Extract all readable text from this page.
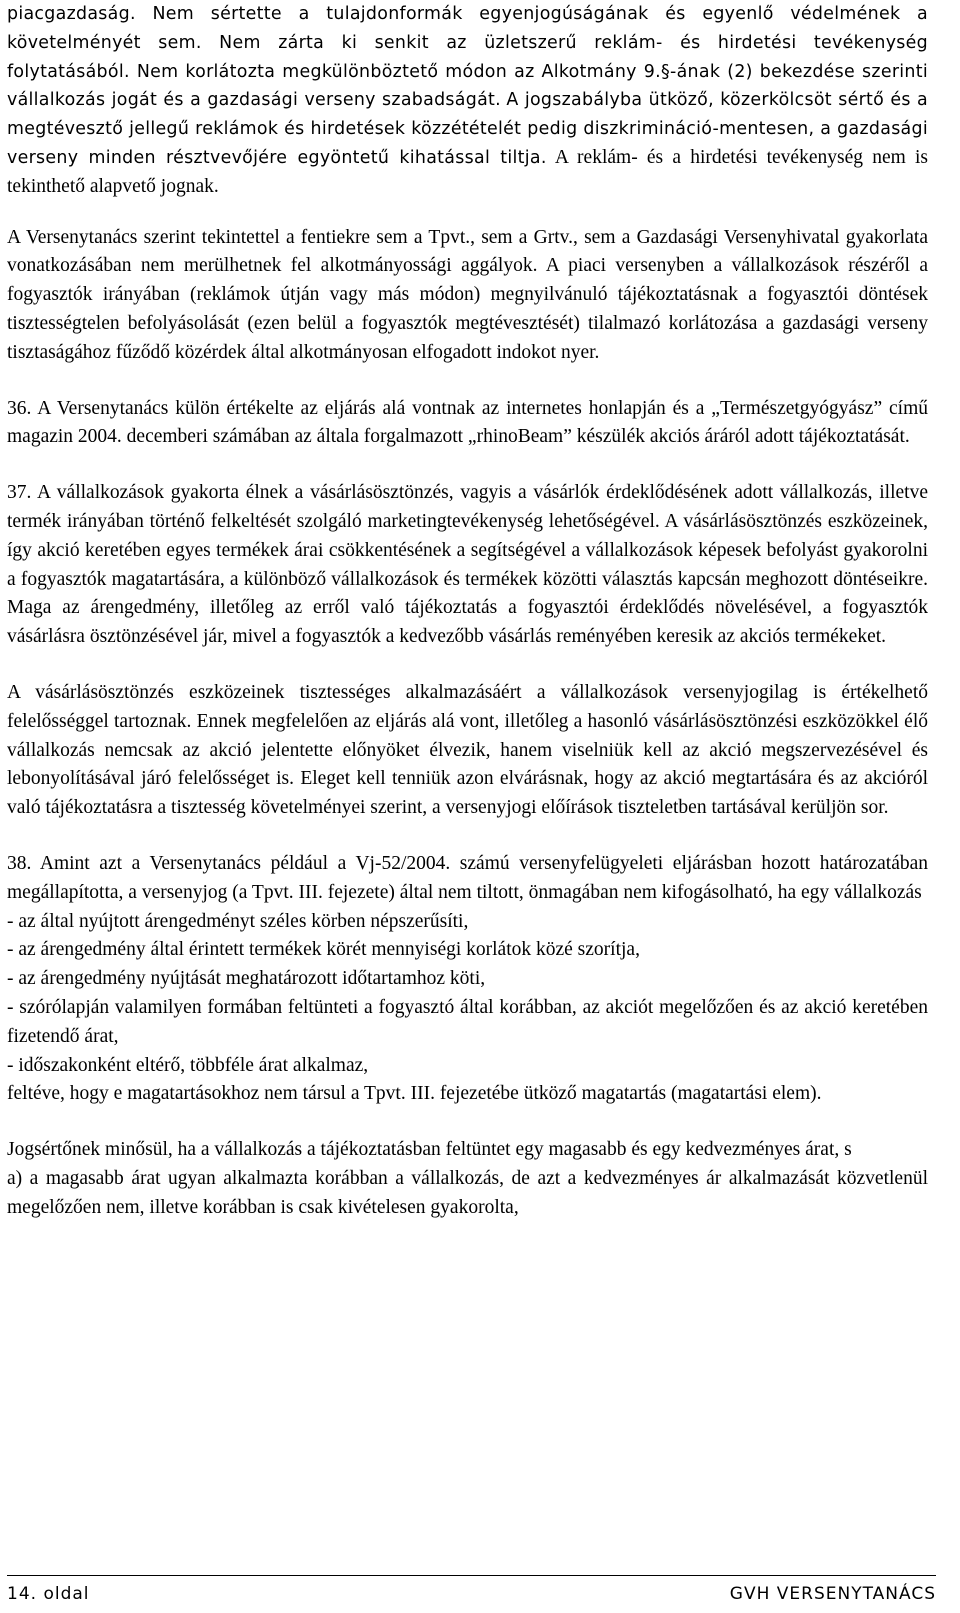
piacgazdaság. Nem sértette a tulajdonformák egyenjogúságának és egyenlő védelmének a követelményét sem. Nem zárta ki senkit az üzletszerű reklám- és hirdetési tevékenység folytatásából. Nem korlátozta megkülönböztető módon az Alkotmány 9.§-ának (2) bekezdése szerinti vállalkozás jogát és a gazdasági verseny szabadságát. A jogszabályba ütköző, közerkölcsöt sértő és a megtévesztő jellegű reklámok és hirdetések közzétételét pedig diszkrimináció-mentesen, a gazdasági verseny minden résztvevőjére egyöntetű kihatással tiltja. A reklám- és a hirdetési tevékenység nem is tekinthető alapvető jognak.

A Versenytanács szerint tekintettel a fentiekre sem a Tpvt., sem a Grtv., sem a Gazdasági Versenyhivatal gyakorlata vonatkozásában nem merülhetnek fel alkotmányossági aggályok. A piaci versenyben a vállalkozások részéről a fogyasztók irányában (reklámok útján vagy más módon) megnyilvánuló tájékoztatásnak a fogyasztói döntések tisztességtelen befolyásolását (ezen belül a fogyasztók megtévesztését) tilalmazó korlátozása a gazdasági verseny tisztaságához fűződő közérdek által alkotmányosan elfogadott indokot nyer.

36. A Versenytanács külön értékelte az eljárás alá vontnak az internetes honlapján és a „Természetgyógyász” című magazin 2004. decemberi számában az általa forgalmazott „rhinoBeam” készülék akciós áráról adott tájékoztatását.

37. A vállalkozások gyakorta élnek a vásárlásösztönzés, vagyis a vásárlók érdeklődésének adott vállalkozás, illetve termék irányában történő felkeltését szolgáló marketingtevékenység lehetőségével. A vásárlásösztönzés eszközeinek, így akció keretében egyes termékek árai csökkentésének a segítségével a vállalkozások képesek befolyást gyakorolni a fogyasztók magatartására, a különböző vállalkozások és termékek közötti választás kapcsán meghozott döntéseikre. Maga az árengedmény, illetőleg az erről való tájékoztatás a fogyasztói érdeklődés növelésével, a fogyasztók vásárlásra ösztönzésével jár, mivel a fogyasztók a kedvezőbb vásárlás reményében keresik az akciós termékeket.

A vásárlásösztönzés eszközeinek tisztességes alkalmazásáért a vállalkozások versenyjogilag is értékelhető felelősséggel tartoznak. Ennek megfelelően az eljárás alá vont, illetőleg a hasonló vásárlásösztönzési eszközökkel élő vállalkozás nemcsak az akció jelentette előnyöket élvezik, hanem viselniük kell az akció megszervezésével és lebonyolításával járó felelősséget is. Eleget kell tenniük azon elvárásnak, hogy az akció megtartására és az akcióról való tájékoztatásra a tisztesség követelményei szerint, a versenyjogi előírások tiszteletben tartásával kerüljön sor.

38. Amint azt a Versenytanács például a Vj-52/2004. számú versenyfelügyeleti eljárásban hozott határozatában megállapította, a versenyjog (a Tpvt. III. fejezete) által nem tiltott, önmagában nem kifogásolható, ha egy vállalkozás

- az által nyújtott árengedményt széles körben népszerűsíti,

- az árengedmény által érintett termékek körét mennyiségi korlátok közé szorítja,

- az árengedmény nyújtását meghatározott időtartamhoz köti,

- szórólapján valamilyen formában feltünteti a fogyasztó által korábban, az akciót megelőzően és az akció keretében fizetendő árat,

- időszakonként eltérő, többféle árat alkalmaz,

feltéve, hogy e magatartásokhoz nem társul a Tpvt. III. fejezetébe ütköző magatartás (magatartási elem).

Jogsértőnek minősül, ha a vállalkozás a tájékoztatásban feltüntet egy magasabb és egy kedvezményes árat, s

a) a magasabb árat ugyan alkalmazta korábban a vállalkozás, de azt a kedvezményes ár alkalmazását közvetlenül megelőzően nem, illetve korábban is csak kivételesen gyakorolta,

14. oldal	GVH VERSENYTANÁCS
